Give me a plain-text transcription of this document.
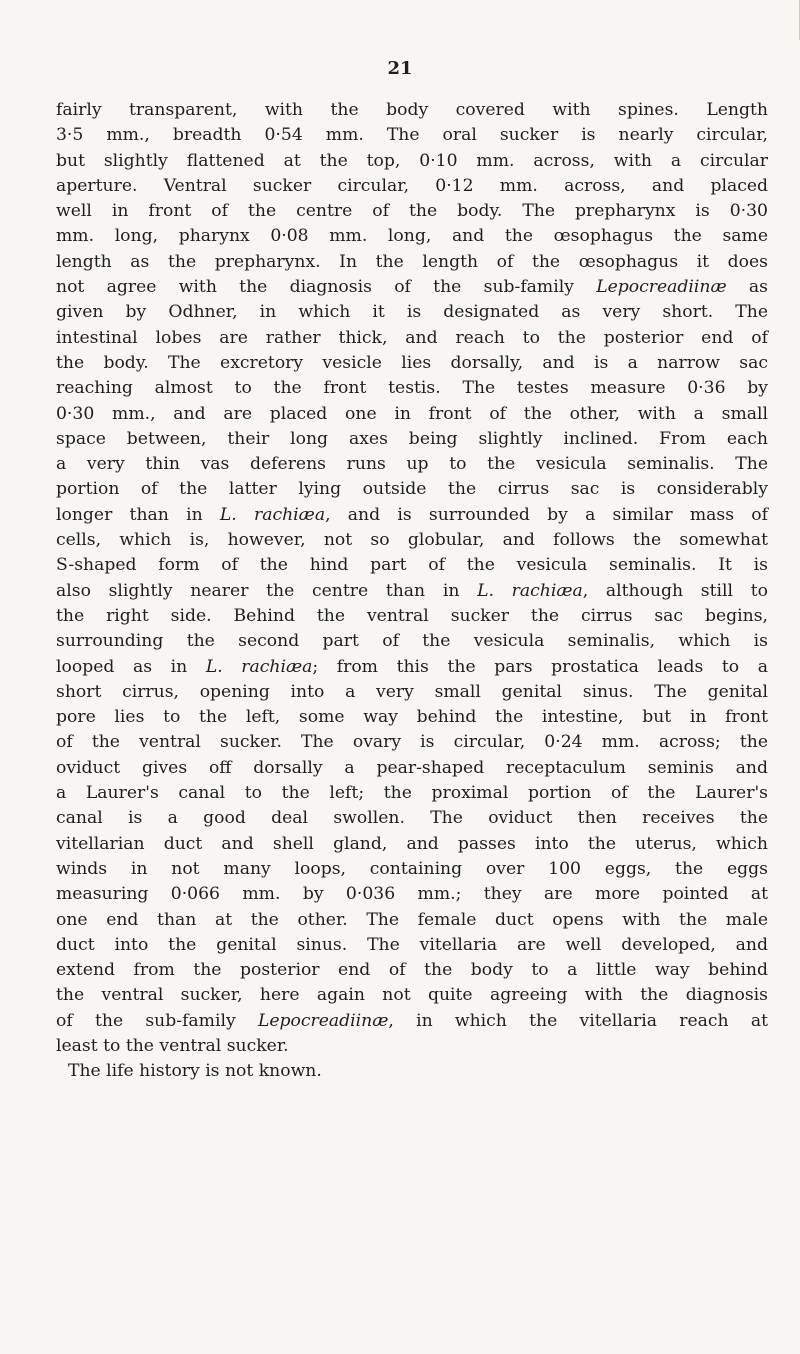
21
fairly transparent, with the body covered with spines. Length
3·5 mm., breadth 0·54 mm. The oral sucker is nearly circular,
but slightly flattened at the top, 0·10 mm. across, with a circular
aperture. Ventral sucker circular, 0·12 mm. across, and placed
well in front of the centre of the body. The prepharynx is 0·30
mm. long, pharynx 0·08 mm. long, and the œsophagus the same
length as the prepharynx. In the length of the œsophagus it does
not agree with the diagnosis of the sub-family Lepocreadiinæ as
given by Odhner, in which it is designated as very short. The
intestinal lobes are rather thick, and reach to the posterior end of
the body. The excretory vesicle lies dorsally, and is a narrow sac
reaching almost to the front testis. The testes measure 0·36 by
0·30 mm., and are placed one in front of the other, with a small
space between, their long axes being slightly inclined. From each
a very thin vas deferens runs up to the vesicula seminalis. The
portion of the latter lying outside the cirrus sac is considerably
longer than in L. rachiæa, and is surrounded by a similar mass of
cells, which is, however, not so globular, and follows the somewhat
S-shaped form of the hind part of the vesicula seminalis. It is
also slightly nearer the centre than in L. rachiæa, although still to
the right side. Behind the ventral sucker the cirrus sac begins,
surrounding the second part of the vesicula seminalis, which is
looped as in L. rachiæa; from this the pars prostatica leads to a
short cirrus, opening into a very small genital sinus. The genital
pore lies to the left, some way behind the intestine, but in front
of the ventral sucker. The ovary is circular, 0·24 mm. across; the
oviduct gives off dorsally a pear-shaped receptaculum seminis and
a Laurer's canal to the left; the proximal portion of the Laurer's
canal is a good deal swollen. The oviduct then receives the
vitellarian duct and shell gland, and passes into the uterus, which
winds in not many loops, containing over 100 eggs, the eggs
measuring 0·066 mm. by 0·036 mm.; they are more pointed at
one end than at the other. The female duct opens with the male
duct into the genital sinus. The vitellaria are well developed, and
extend from the posterior end of the body to a little way behind
the ventral sucker, here again not quite agreeing with the diagnosis
of the sub-family Lepocreadiinæ, in which the vitellaria reach at
least to the ventral sucker.
The life history is not known.
